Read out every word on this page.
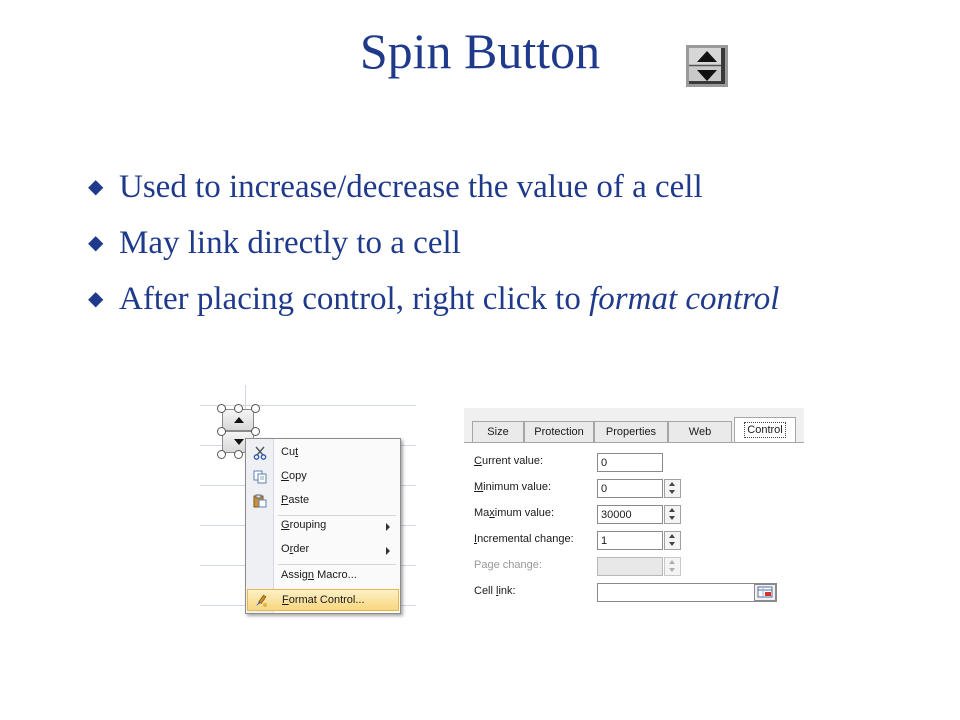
Spin Button
◆ Used to increase/decrease the value of a cell
◆ May link directly to a cell
◆ After placing control, right click to format control
Cut
Copy
Paste
Grouping
Order
Assign Macro...
Format Control...
Size	Protection	Properties	Web	Control
Current value:	0
Minimum value:	0
Maximum value:	30000
Incremental change:	1
Page change:
Cell link:
